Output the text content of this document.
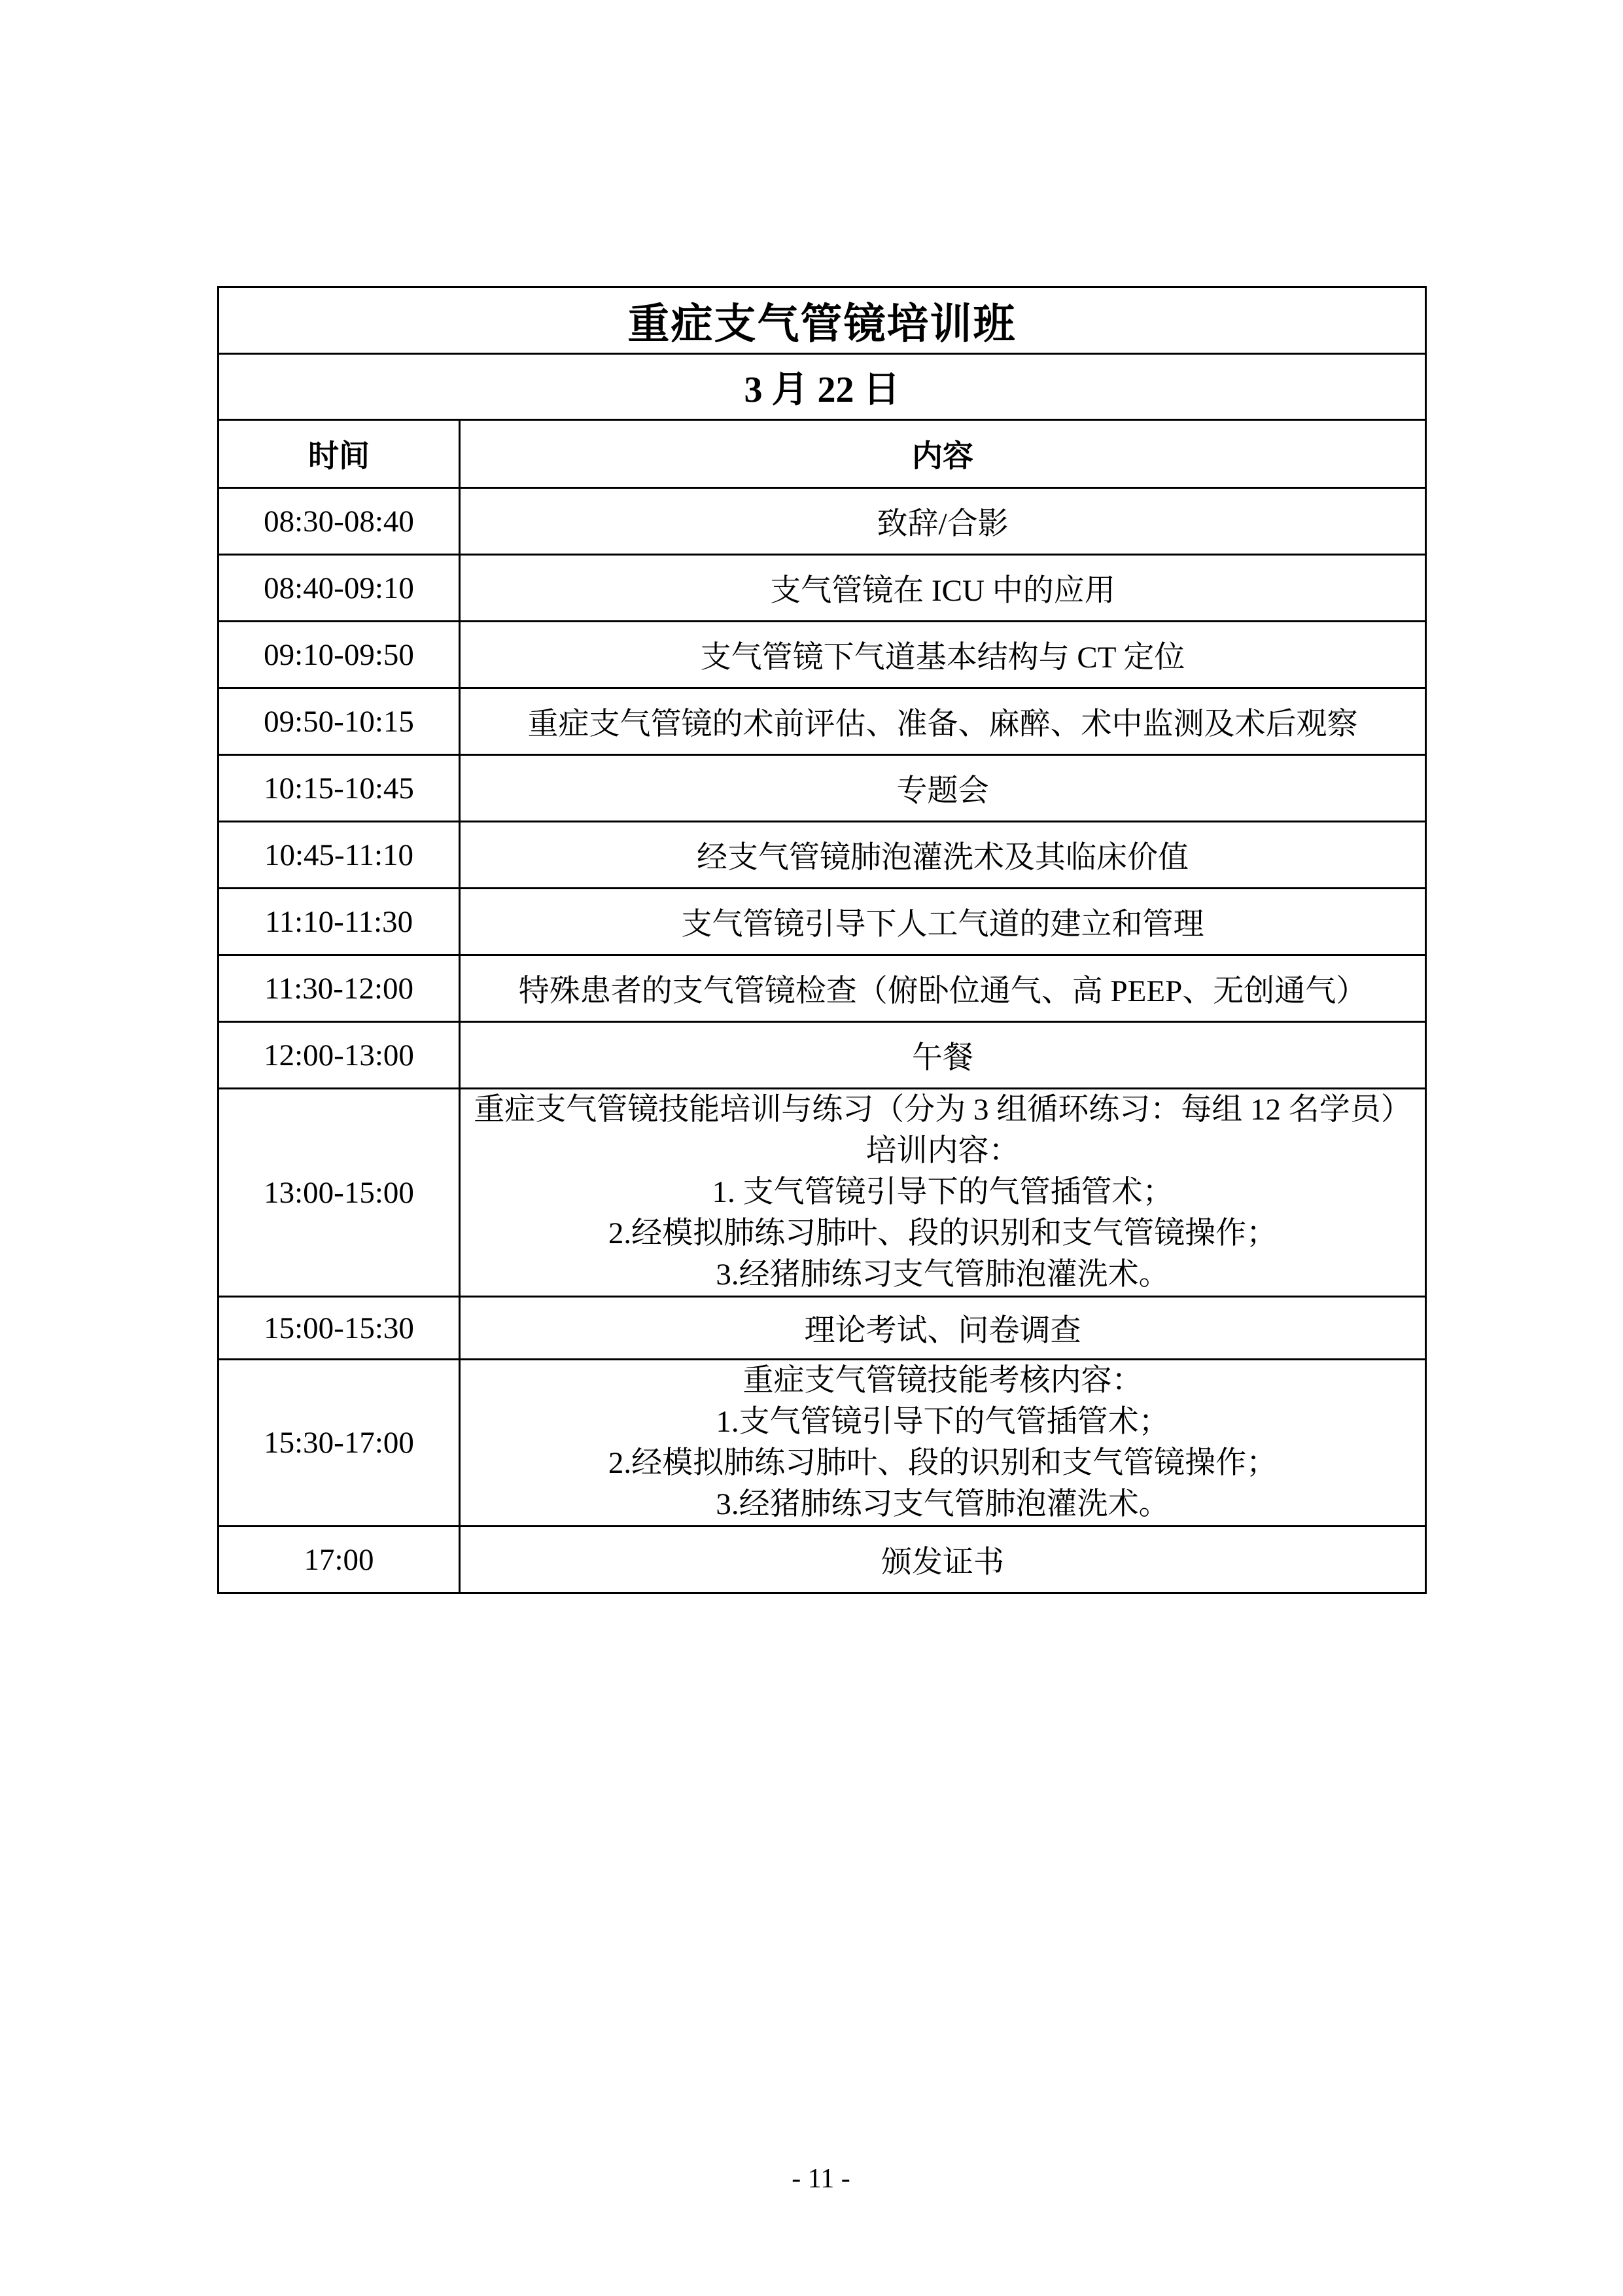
重症支气管镜培训班	
3 月 22 日	
时间	内容
08:30-08:40	致辞/合影
08:40-09:10	支气管镜在 ICU 中的应用
09:10-09:50	支气管镜下气道基本结构与 CT 定位
09:50-10:15	重症支气管镜的术前评估、准备、麻醉、术中监测及术后观察
10:15-10:45	专题会
10:45-11:10	经支气管镜肺泡灌洗术及其临床价值
11:10-11:30	支气管镜引导下人工气道的建立和管理
11:30-12:00	特殊患者的支气管镜检查（俯卧位通气、高 PEEP、无创通气）
12:00-13:00	午餐
13:00-15:00	重症支气管镜技能培训与练习（分为 3 组循环练习：每组 12 名学员）
培训内容：
1. 支气管镜引导下的气管插管术；
2.经模拟肺练习肺叶、段的识别和支气管镜操作；
3.经猪肺练习支气管肺泡灌洗术。

15:00-15:30	理论考试、问卷调查
15:30-17:00	重症支气管镜技能考核内容：
1.支气管镜引导下的气管插管术；
2.经模拟肺练习肺叶、段的识别和支气管镜操作；
3.经猪肺练习支气管肺泡灌洗术。

17:00	颁发证书
- 11 -
